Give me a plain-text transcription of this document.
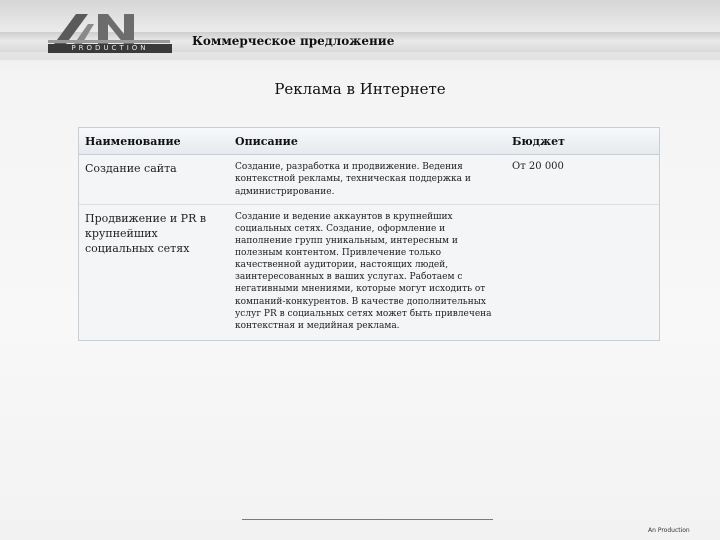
PRODUCTION	Коммерческое предложение
Реклама в Интернете
Наименование	Описание	Бюджет
Создание сайта	Создание, разработка и продвижение. Ведения контекстной рекламы, техническая поддержка и администрирование.	От 20 000
Продвижение и PR в крупнейших социальных сетях	Создание и ведение аккаунтов в крупнейших социальных сетях. Создание, оформление и наполнение групп уникальным, интересным и полезным контентом. Привлечение только качественной аудитории, настоящих людей, заинтересованных в ваших услугах. Работаем с негативными мнениями, которые могут исходить от компаний-конкурентов. В качестве дополнительных услуг PR в социальных сетях может быть привлечена контекстная и медийная реклама.	
An Production
